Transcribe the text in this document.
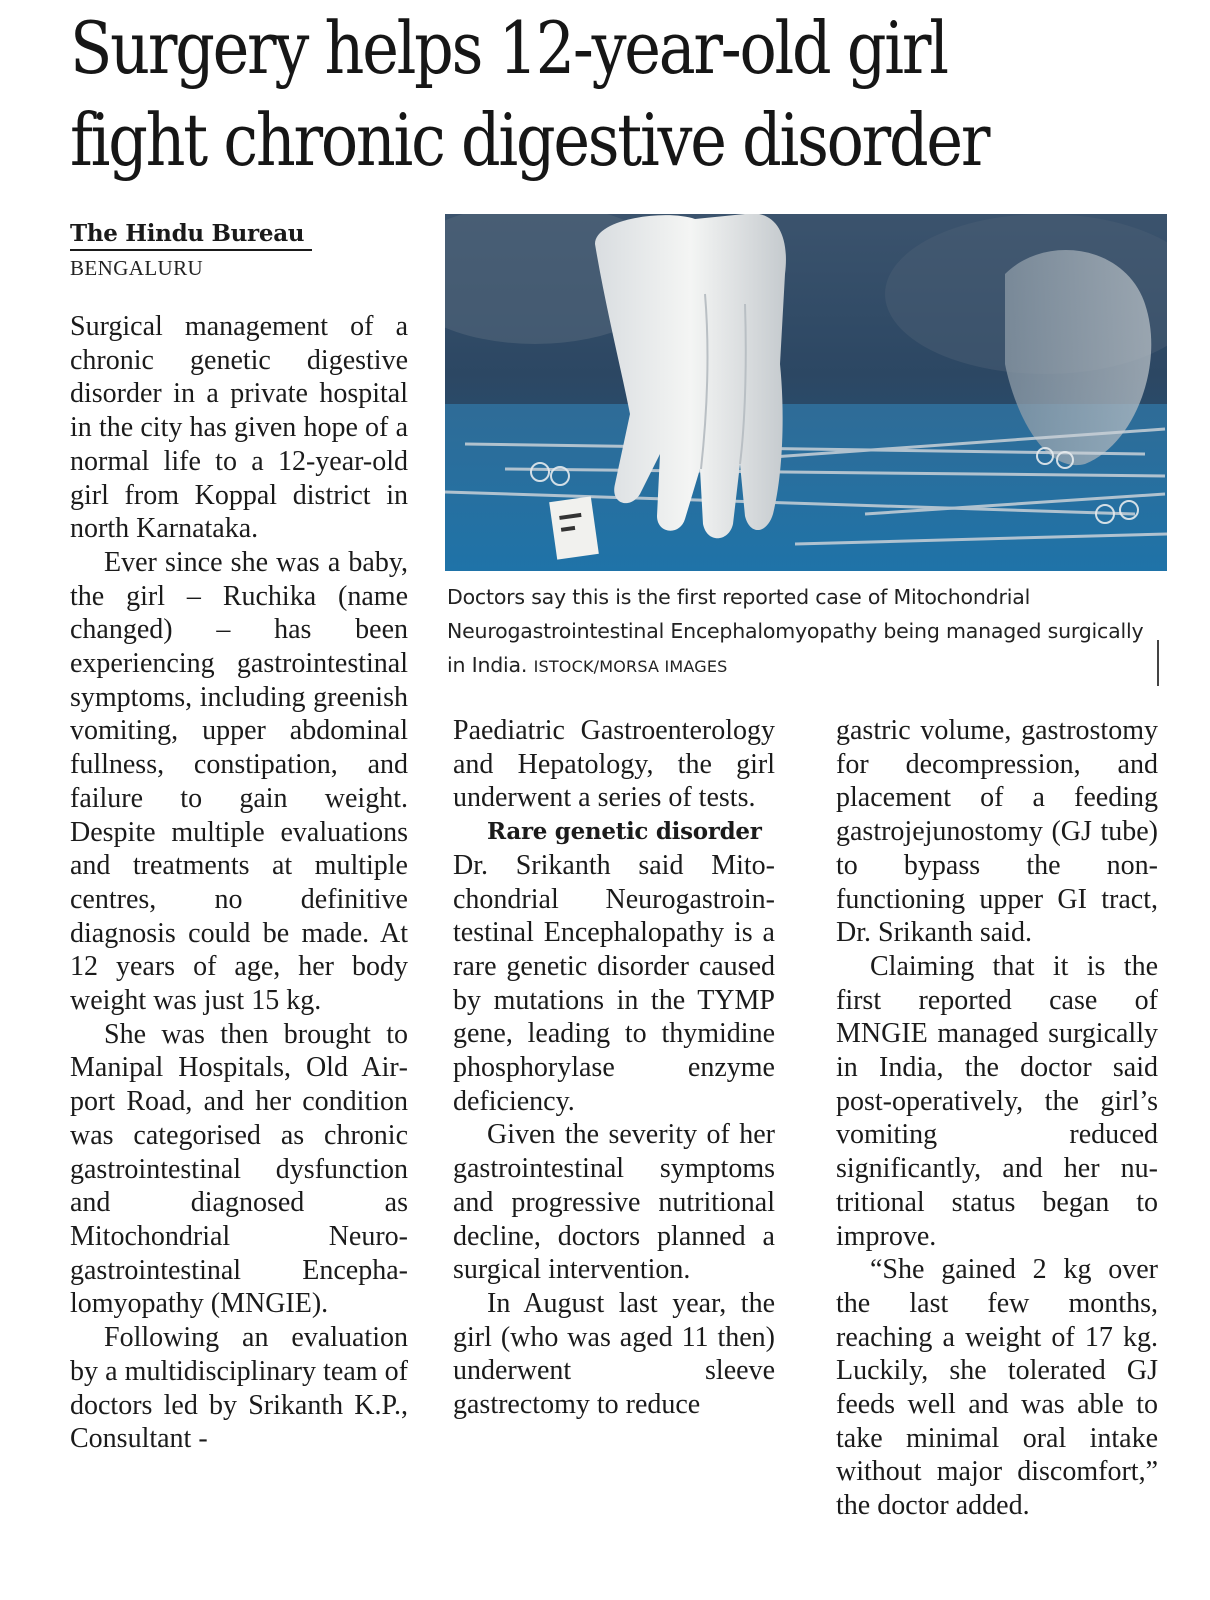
Surgery helps 12-year-old girl
fight chronic digestive disorder
The Hindu Bureau
BENGALURU

Surgical management of a chronic genetic digestive disorder in a private hospital in the city has given hope of a normal life to a 12-year-old girl from Koppal district in north Karnataka.

Ever since she was a baby, the girl – Ruchika (name changed) – has been experiencing gastrointestinal symptoms, including greenish vomiting, upper abdominal fullness, constipation, and failure to gain weight. Despite multiple evaluations and treatments at multiple centres, no definitive diagnosis could be made. At 12 years of age, her body weight was just 15 kg.

She was then brought to Manipal Hospitals, Old Airport Road, and her condition was categorised as chronic gastrointestinal dysfunction and diagnosed as Mitochondrial Neurogastrointestinal Encephalomyopathy (MNGIE).

Following an evaluation by a multidisciplinary team of doctors led by Srikanth K.P., Consultant -

Doctors say this is the first reported case of Mitochondrial Neurogastrointestinal Encephalomyopathy being managed surgically in India. ISTOCK/MORSA IMAGES

Paediatric Gastroenterology and Hepatology, the girl underwent a series of tests.

Rare genetic disorder

Dr. Srikanth said Mitochondrial Neurogastrointestinal Encephalopathy is a rare genetic disorder caused by mutations in the TYMP gene, leading to thymidine phosphorylase enzyme deficiency.

Given the severity of her gastrointestinal symptoms and progressive nutritional decline, doctors planned a surgical intervention.

In August last year, the girl (who was aged 11 then) underwent sleeve gastrectomy to reduce

gastric volume, gastrostomy for decompression, and placement of a feeding gastrojejunostomy (GJ tube) to bypass the non-functioning upper GI tract, Dr. Srikanth said.

Claiming that it is the first reported case of MNGIE managed surgically in India, the doctor said post-operatively, the girl’s vomiting reduced significantly, and her nutritional status began to improve.

“She gained 2 kg over the last few months, reaching a weight of 17 kg. Luckily, she tolerated GJ feeds well and was able to take minimal oral intake without major discomfort,” the doctor added.
